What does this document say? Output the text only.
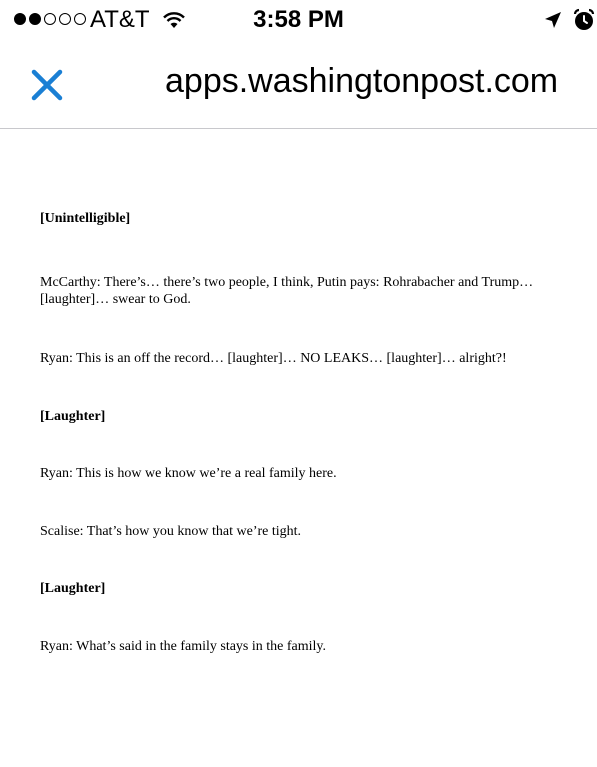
AT&T	3:58 PM
apps.washingtonpost.com

[Unintelligible]

McCarthy: There’s… there’s two people, I think, Putin pays: Rohrabacher and Trump… [laughter]… swear to God.

Ryan: This is an off the record… [laughter]… NO LEAKS… [laughter]… alright?!

[Laughter]

Ryan: This is how we know we’re a real family here.

Scalise: That’s how you know that we’re tight.

[Laughter]

Ryan: What’s said in the family stays in the family.
